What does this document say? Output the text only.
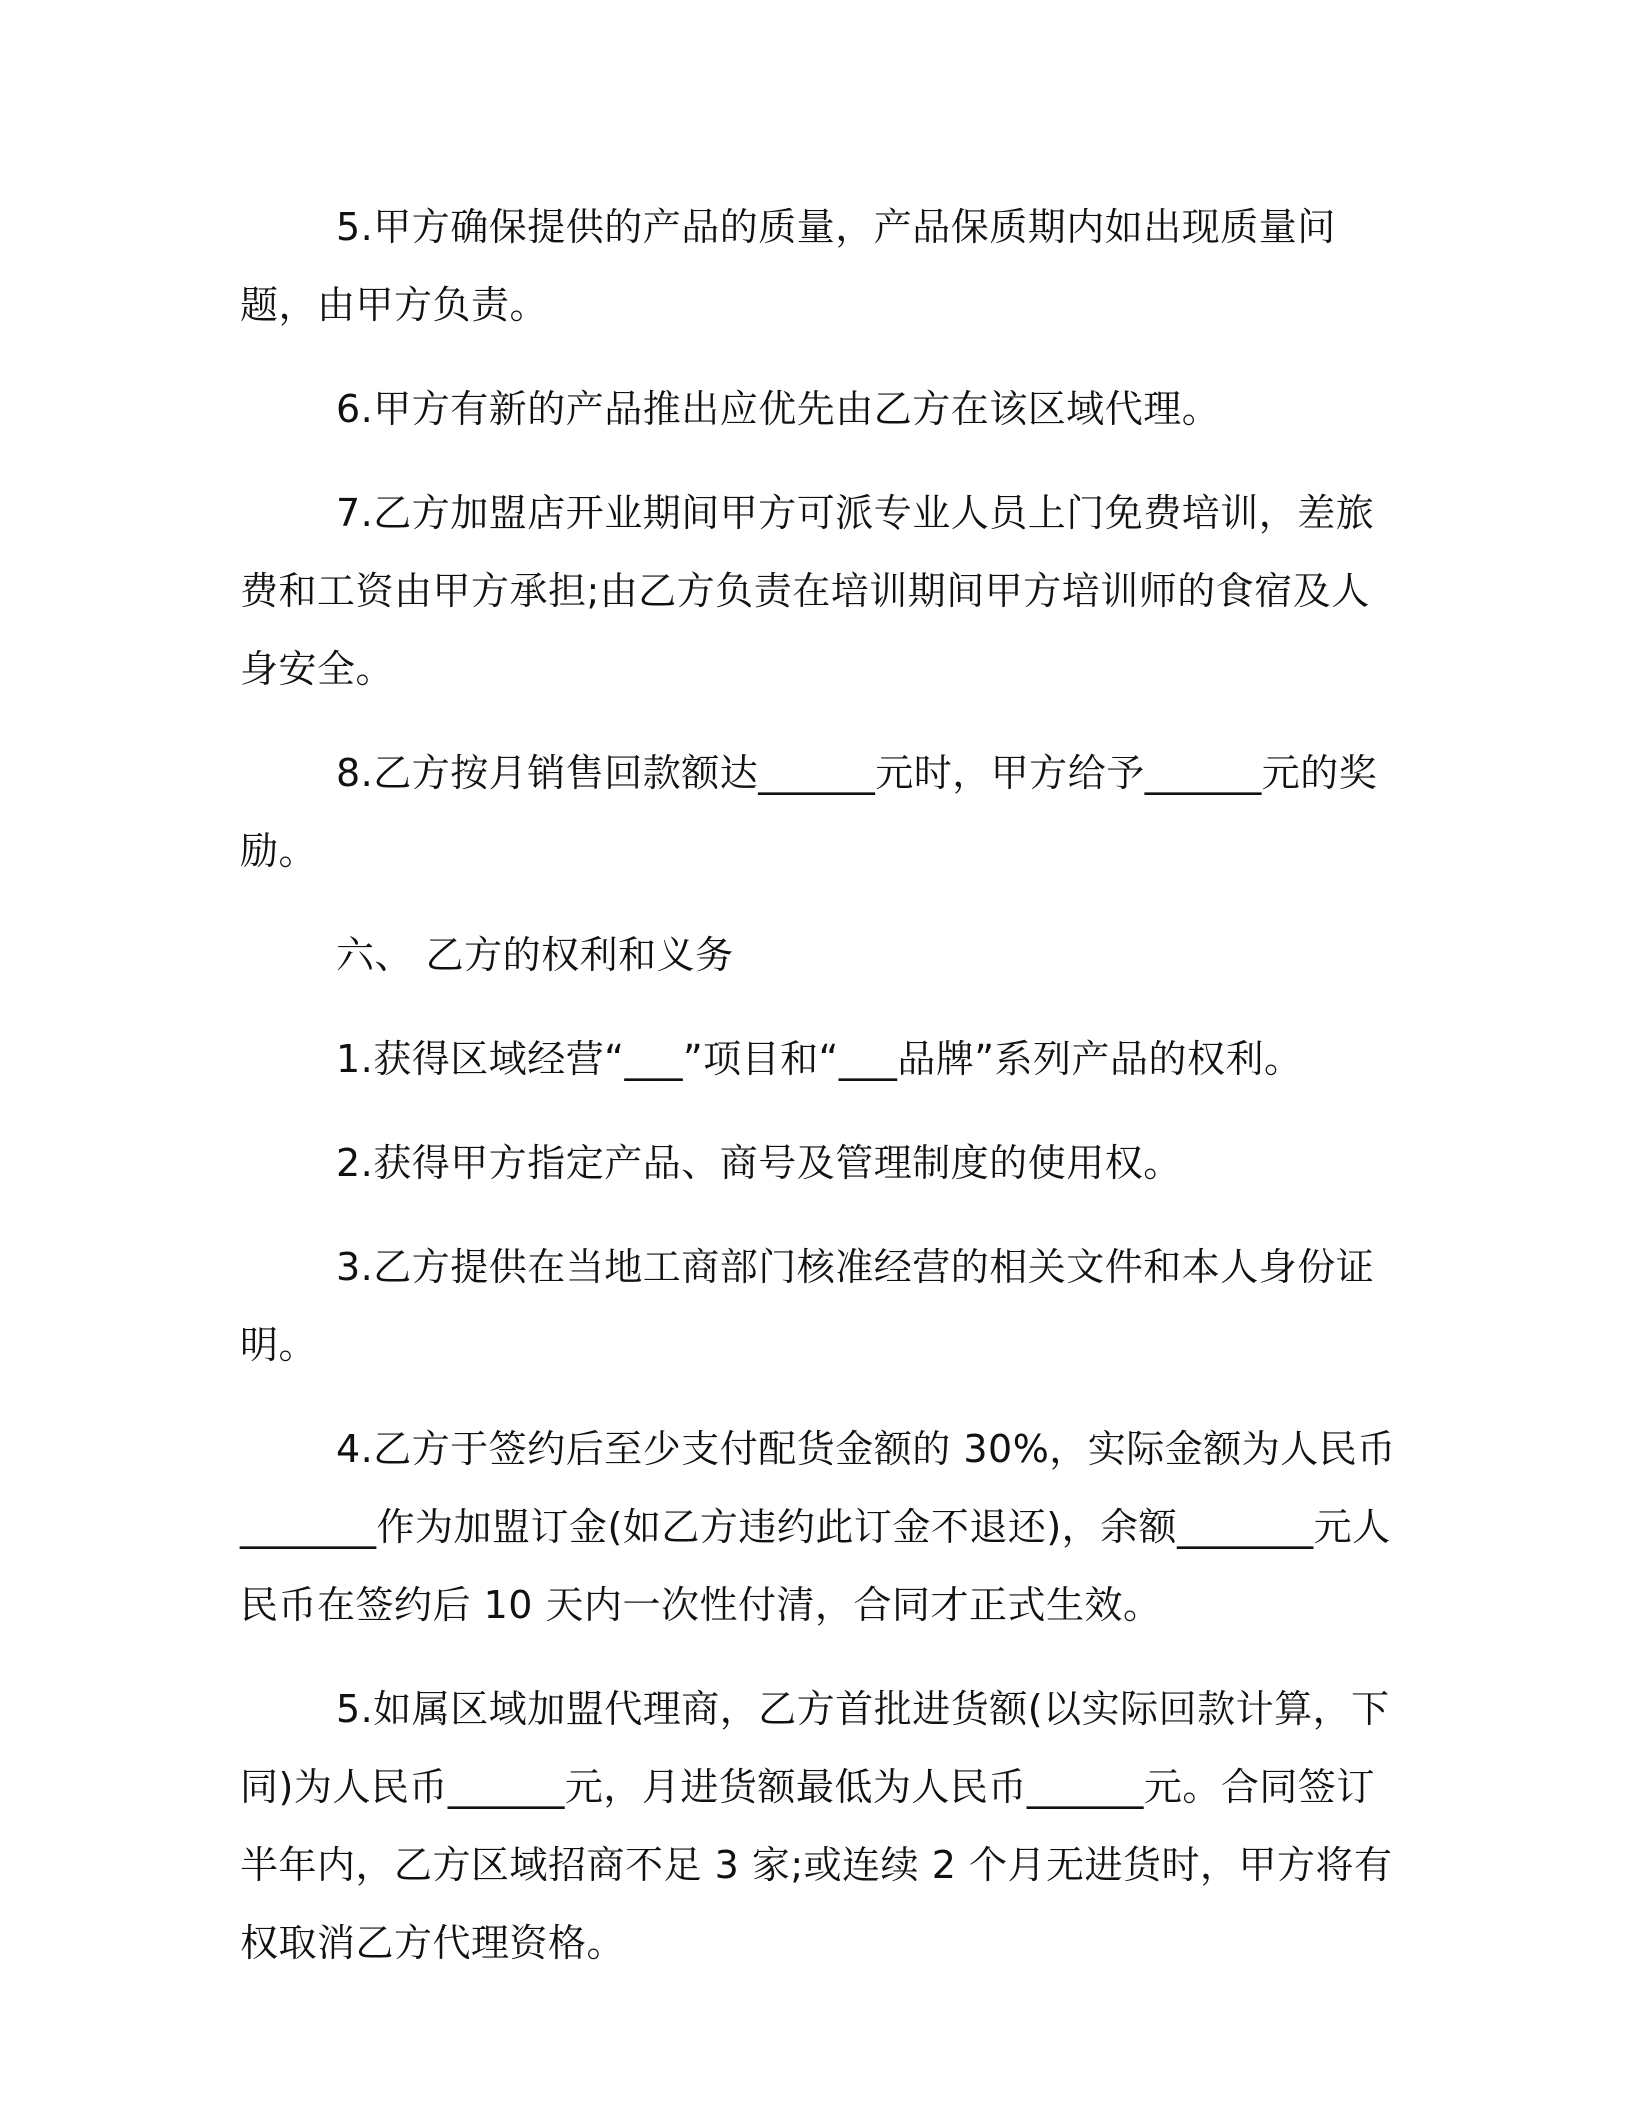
5.甲方确保提供的产品的质量，产品保质期内如出现质量问题，由甲方负责。

6.甲方有新的产品推出应优先由乙方在该区域代理。

7.乙方加盟店开业期间甲方可派专业人员上门免费培训，差旅费和工资由甲方承担;由乙方负责在培训期间甲方培训师的食宿及人身安全。

8.乙方按月销售回款额达______元时，甲方给予______元的奖励。

六、 乙方的权利和义务

1.获得区域经营“___”项目和“___品牌”系列产品的权利。

2.获得甲方指定产品、商号及管理制度的使用权。

3.乙方提供在当地工商部门核准经营的相关文件和本人身份证明。

4.乙方于签约后至少支付配货金额的 30%，实际金额为人民币_______作为加盟订金(如乙方违约此订金不退还)，余额_______元人民币在签约后 10 天内一次性付清，合同才正式生效。

5.如属区域加盟代理商，乙方首批进货额(以实际回款计算，下同)为人民币______元，月进货额最低为人民币______元。合同签订半年内，乙方区域招商不足 3 家;或连续 2 个月无进货时，甲方将有权取消乙方代理资格。
